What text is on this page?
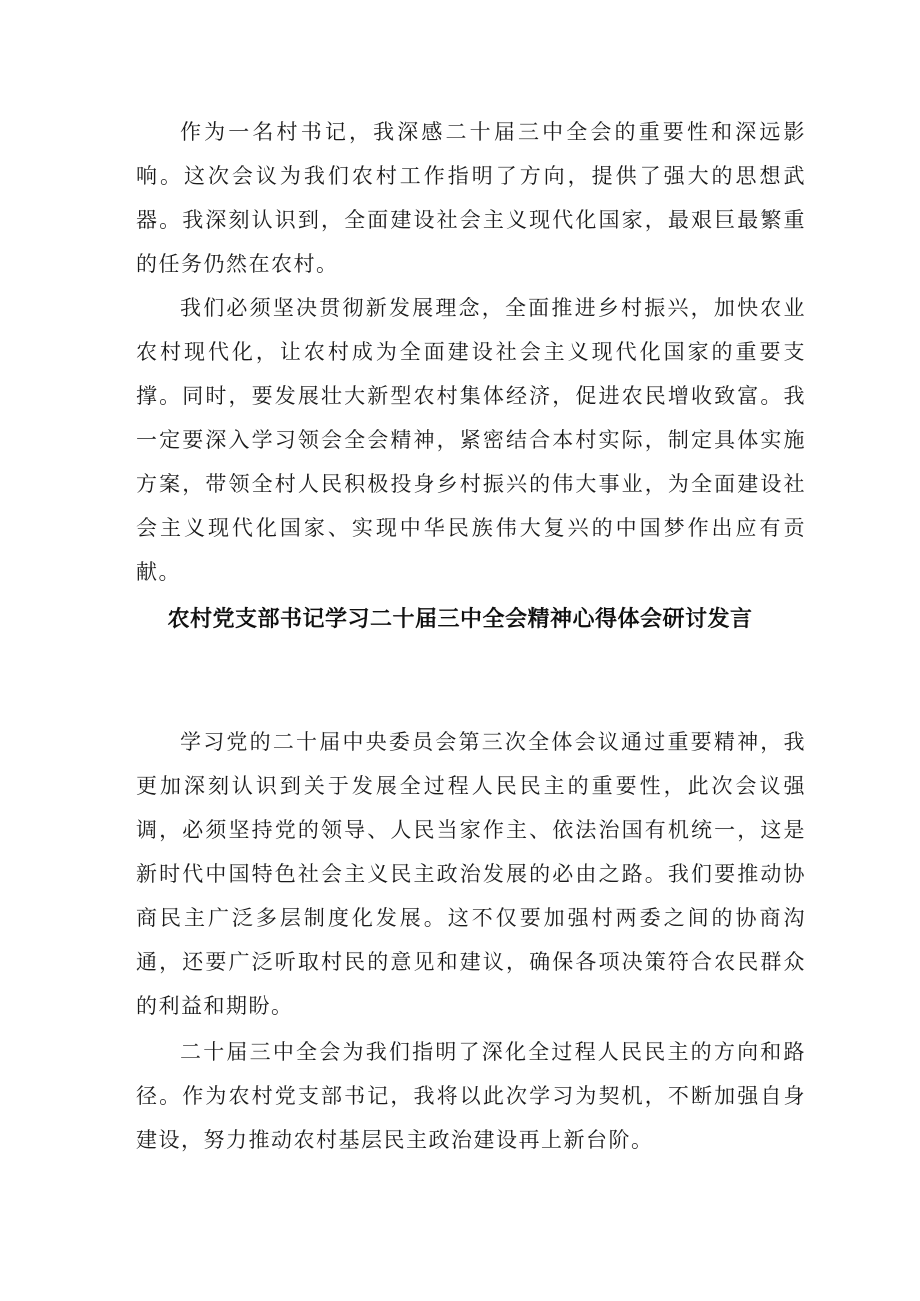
作为一名村书记，我深感二十届三中全会的重要性和深远影响。这次会议为我们农村工作指明了方向，提供了强大的思想武器。我深刻认识到，全面建设社会主义现代化国家，最艰巨最繁重的任务仍然在农村。

我们必须坚决贯彻新发展理念，全面推进乡村振兴，加快农业农村现代化，让农村成为全面建设社会主义现代化国家的重要支撑。同时，要发展壮大新型农村集体经济，促进农民增收致富。我一定要深入学习领会全会精神，紧密结合本村实际，制定具体实施方案，带领全村人民积极投身乡村振兴的伟大事业，为全面建设社会主义现代化国家、实现中华民族伟大复兴的中国梦作出应有贡献。

农村党支部书记学习二十届三中全会精神心得体会研讨发言

学习党的二十届中央委员会第三次全体会议通过重要精神，我更加深刻认识到关于发展全过程人民民主的重要性，此次会议强调，必须坚持党的领导、人民当家作主、依法治国有机统一，这是新时代中国特色社会主义民主政治发展的必由之路。我们要推动协商民主广泛多层制度化发展。这不仅要加强村两委之间的协商沟通，还要广泛听取村民的意见和建议，确保各项决策符合农民群众的利益和期盼。

二十届三中全会为我们指明了深化全过程人民民主的方向和路径。作为农村党支部书记，我将以此次学习为契机，不断加强自身建设，努力推动农村基层民主政治建设再上新台阶。
